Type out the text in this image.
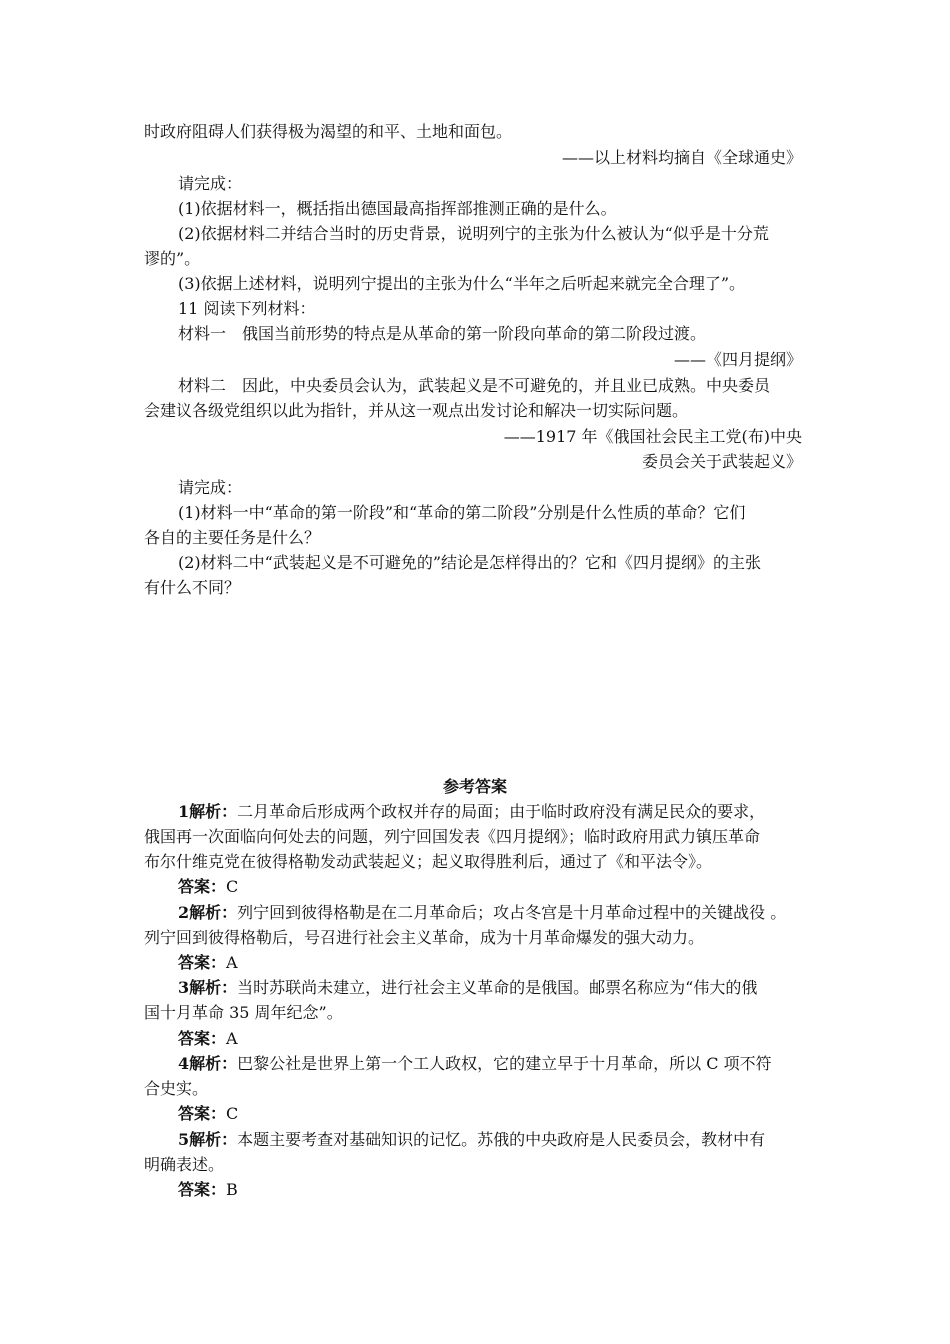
时政府阻碍人们获得极为渴望的和平、土地和面包。
——以上材料均摘自《全球通史》
请完成：
(1)依据材料一，概括指出德国最高指挥部推测正确的是什么。
(2)依据材料二并结合当时的历史背景，说明列宁的主张为什么被认为“似乎是十分荒
谬的”。
(3)依据上述材料，说明列宁提出的主张为什么“半年之后听起来就完全合理了”。
11 阅读下列材料：
材料一　俄国当前形势的特点是从革命的第一阶段向革命的第二阶段过渡。
——《四月提纲》
材料二　因此，中央委员会认为，武装起义是不可避免的，并且业已成熟。中央委员
会建议各级党组织以此为指针，并从这一观点出发讨论和解决一切实际问题。
——1917 年《俄国社会民主工党(布)中央
委员会关于武装起义》
请完成：
(1)材料一中“革命的第一阶段”和“革命的第二阶段”分别是什么性质的革命？它们
各自的主要任务是什么？
(2)材料二中“武装起义是不可避免的”结论是怎样得出的？它和《四月提纲》的主张
有什么不同？
参考答案
1解析：二月革命后形成两个政权并存的局面；由于临时政府没有满足民众的要求，
俄国再一次面临向何处去的问题，列宁回国发表《四月提纲》；临时政府用武力镇压革命
布尔什维克党在彼得格勒发动武装起义；起义取得胜利后，通过了《和平法令》。
答案：C
2解析：列宁回到彼得格勒是在二月革命后；攻占冬宫是十月革命过程中的关键战役 。
列宁回到彼得格勒后，号召进行社会主义革命，成为十月革命爆发的强大动力。
答案：A
3解析：当时苏联尚未建立，进行社会主义革命的是俄国。邮票名称应为“伟大的俄
国十月革命 35 周年纪念”。
答案：A
4解析：巴黎公社是世界上第一个工人政权，它的建立早于十月革命，所以 C 项不符
合史实。
答案：C
5解析：本题主要考查对基础知识的记忆。苏俄的中央政府是人民委员会，教材中有
明确表述。
答案：B
